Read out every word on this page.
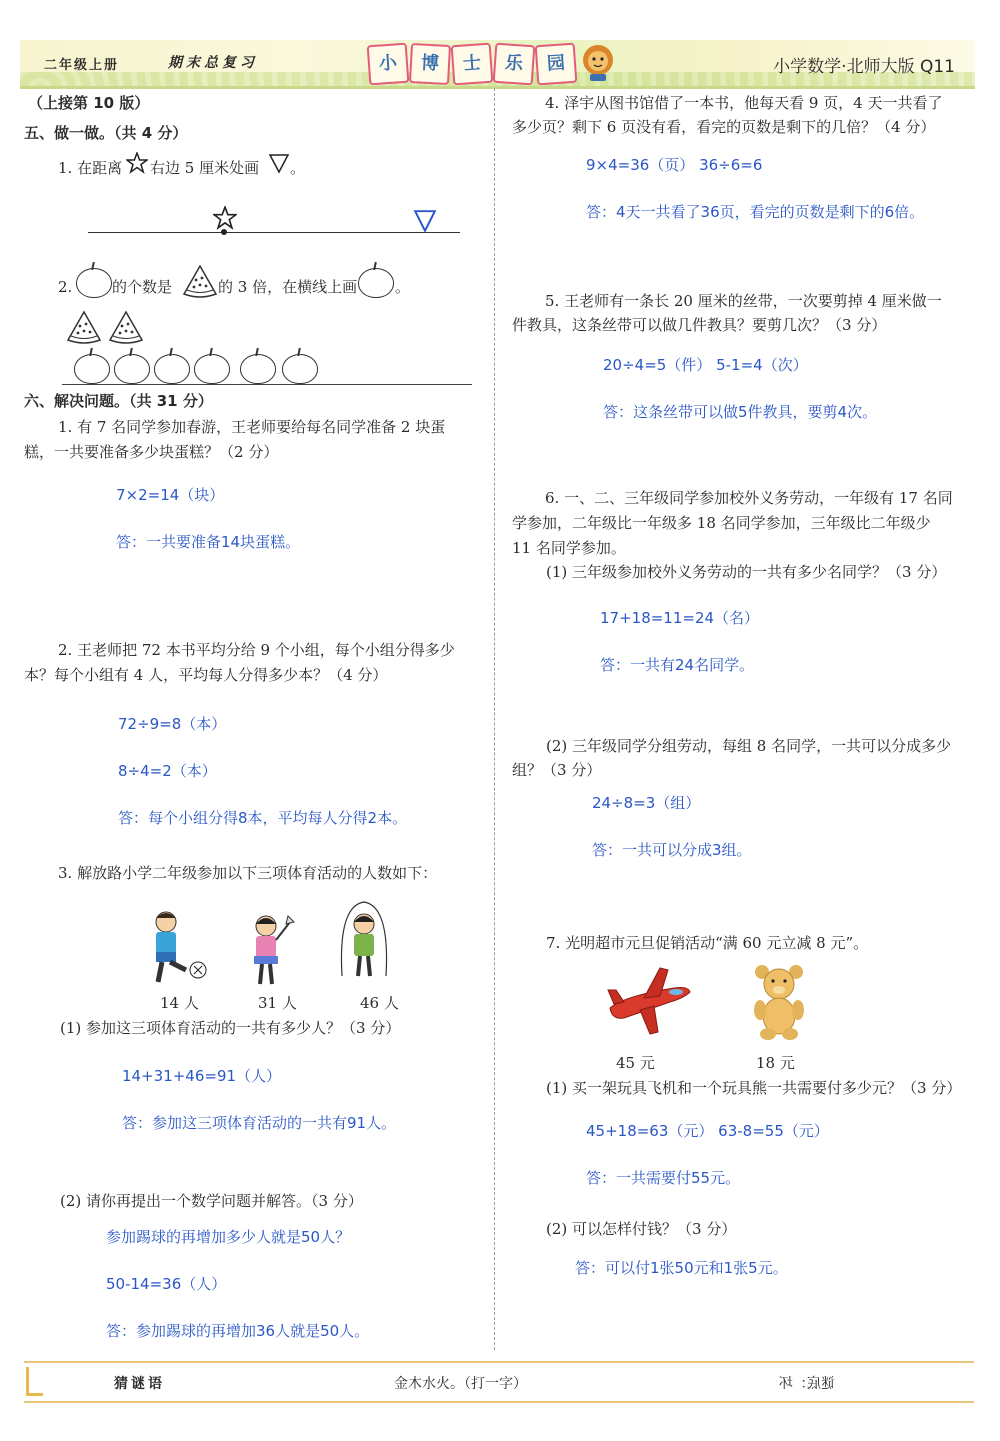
二年级上册	期末总复习	小	博	士	乐	园	小学数学·北师大版 Q11
（上接第 10 版）
五、做一做。（共 4 分）
1. 在距离 右边 5 厘米处画 。
2.	的个数是	的 3 倍，在横线上画	。
六、解决问题。（共 31 分）
1. 有 7 名同学参加春游，王老师要给每名同学准备 2 块蛋
糕，一共要准备多少块蛋糕？（2 分）
7×2=14（块）
答：一共要准备14块蛋糕。
2. 王老师把 72 本书平均分给 9 个小组，每个小组分得多少
本？每个小组有 4 人，平均每人分得多少本？（4 分）
72÷9=8（本）
8÷4=2（本）
答：每个小组分得8本，平均每人分得2本。
3. 解放路小学二年级参加以下三项体育活动的人数如下：
14 人	31 人	46 人
(1) 参加这三项体育活动的一共有多少人？（3 分）
14+31+46=91（人）
答：参加这三项体育活动的一共有91人。
(2) 请你再提出一个数学问题并解答。（3 分）
参加踢球的再增加多少人就是50人？
50-14=36（人）
答：参加踢球的再增加36人就是50人。
4. 泽宇从图书馆借了一本书，他每天看 9 页，4 天一共看了
多少页？剩下 6 页没有看，看完的页数是剩下的几倍？（4 分）
9×4=36（页） 36÷6=6
答：4天一共看了36页，看完的页数是剩下的6倍。
5. 王老师有一条长 20 厘米的丝带，一次要剪掉 4 厘米做一
件教具，这条丝带可以做几件教具？要剪几次？（3 分）
20÷4=5（件） 5-1=4（次）
答：这条丝带可以做5件教具，要剪4次。
6. 一、二、三年级同学参加校外义务劳动，一年级有 17 名同
学参加，二年级比一年级多 18 名同学参加，三年级比二年级少
11 名同学参加。
(1) 三年级参加校外义务劳动的一共有多少名同学？（3 分）
17+18=11=24（名）
答：一共有24名同学。
(2) 三年级同学分组劳动，每组 8 名同学，一共可以分成多少
组？（3 分）
24÷8=3（组）
答：一共可以分成3组。
7. 光明超市元旦促销活动“满 60 元立减 8 元”。
45 元	18 元
(1) 买一架玩具飞机和一个玩具熊一共需要付多少元？（3 分）
45+18=63（元） 63-8=55（元）
答：一共需要付55元。
(2) 可以怎样付钱？（3 分）
答：可以付1张50元和1张5元。
猜谜语	金木水火。（打一字）	谜底：坏
